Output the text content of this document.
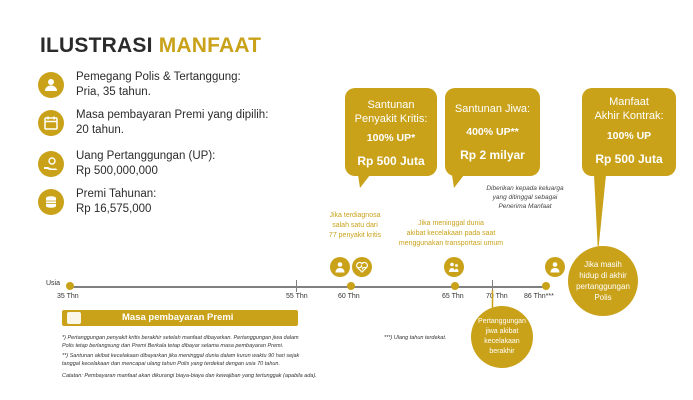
ILUSTRASI MANFAAT
Pemegang Polis & Tertanggung:
Pria, 35 tahun.
Masa pembayaran Premi yang dipilih:
20 tahun.
Uang Pertanggungan (UP):
Rp 500,000,000
Premi Tahunan:
Rp 16,575,000
Santunan
Penyakit Kritis:
100% UP*
Rp 500 Juta
Santunan Jiwa:
400% UP**
Rp 2 milyar
Manfaat
Akhir Kontrak:
100% UP
Rp 500 Juta
Jika terdiagnosa
salah satu dari
77 penyakit kritis
Jika meninggal dunia
akibat kecelakaan pada saat
menggunakan transportasi umum
Diberikan kepada keluarga
yang ditinggal sebagai
Penerima Manfaat
Usia
35 Thn	55 Thn	60 Thn	65 Thn	70 Thn 86 Thn***
Masa pembayaran Premi	Pertanggungan
jiwa akibat
kecelakaan
berakhir
Jika masih
hidup di akhir
pertanggungan
Polis
*) Pertanggungan penyakit kritis berakhir setelah manfaat dibayarkan. Pertanggungan jiwa dalam
Polis tetap berlangsung dan Premi Berkala tetap dibayar selama masa pembayaran Premi.
**) Santunan akibat kecelakaan dibayarkan jika meninggal dunia dalam kurun waktu 90 hari sejak
tanggal kecelakaan dan mencapai ulang tahun Polis yang terdekat dengan usia 70 tahun.
***) Ulang tahun terdekat.
Catatan: Pembayaran manfaat akan dikurangi biaya-biaya dan kewajiban yang tertunggak (apabila ada).
